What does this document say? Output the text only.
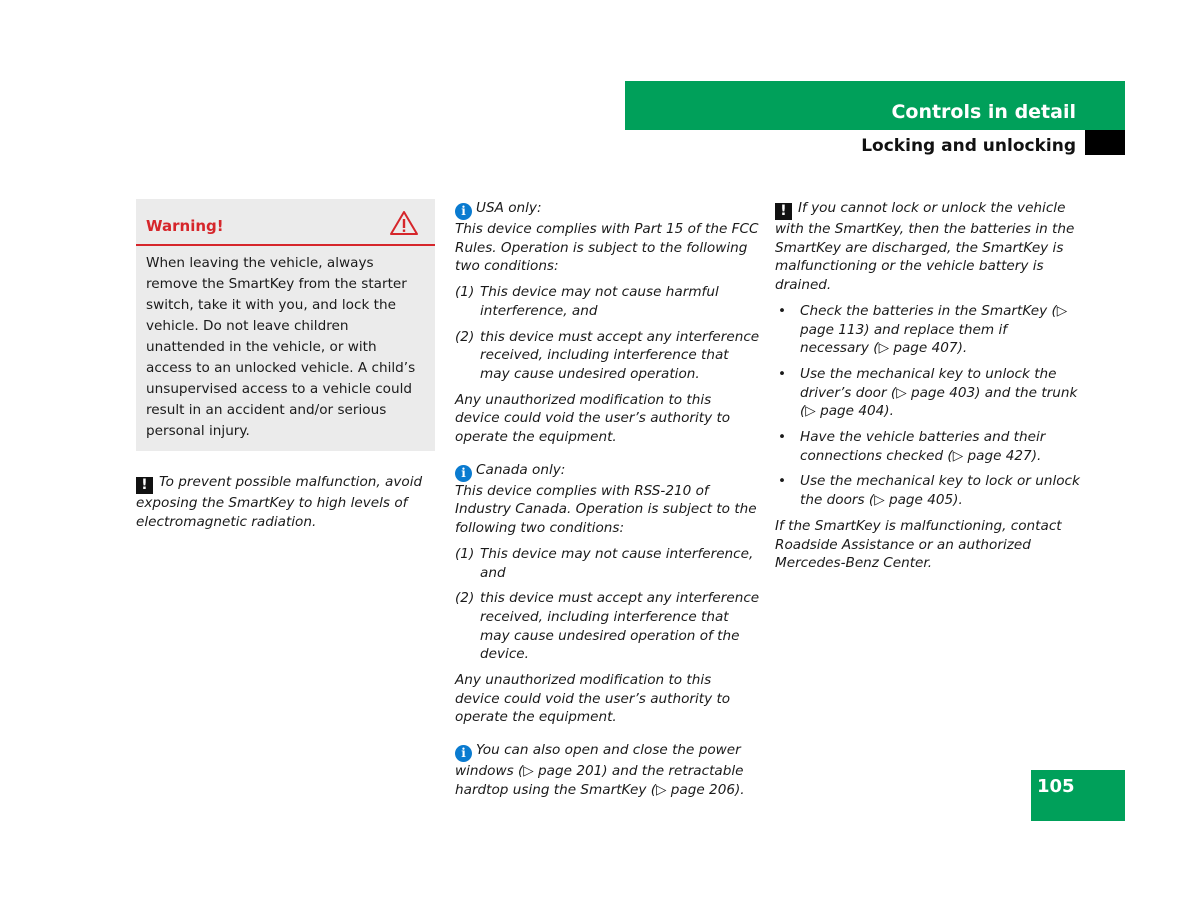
Controls in detail
Locking and unlocking
Warning!
When leaving the vehicle, always remove the SmartKey from the starter switch, take it with you, and lock the vehicle. Do not leave children unattended in the vehicle, or with access to an unlocked vehicle. A child’s unsupervised access to a vehicle could result in an accident and/or serious personal injury.
! To prevent possible malfunction, avoid exposing the SmartKey to high levels of electromagnetic radiation.
i USA only:
This device complies with Part 15 of the FCC Rules. Operation is subject to the following two conditions:
(1) This device may not cause harmful interference, and
(2) this device must accept any interference received, including interference that may cause undesired operation.
Any unauthorized modification to this device could void the user’s authority to operate the equipment.
i Canada only:
This device complies with RSS-210 of Industry Canada. Operation is subject to the following two conditions:
(1) This device may not cause interference, and
(2) this device must accept any interference received, including interference that may cause undesired operation of the device.
Any unauthorized modification to this device could void the user’s authority to operate the equipment.
i You can also open and close the power windows (▷ page 201) and the retractable hardtop using the SmartKey (▷ page 206).
! If you cannot lock or unlock the vehicle with the SmartKey, then the batteries in the SmartKey are discharged, the SmartKey is malfunctioning or the vehicle battery is drained.
• Check the batteries in the SmartKey (▷ page 113) and replace them if necessary (▷ page 407).
• Use the mechanical key to unlock the driver’s door (▷ page 403) and the trunk (▷ page 404).
• Have the vehicle batteries and their connections checked (▷ page 427).
• Use the mechanical key to lock or unlock the doors (▷ page 405).
If the SmartKey is malfunctioning, contact Roadside Assistance or an authorized Mercedes-Benz Center.
105
